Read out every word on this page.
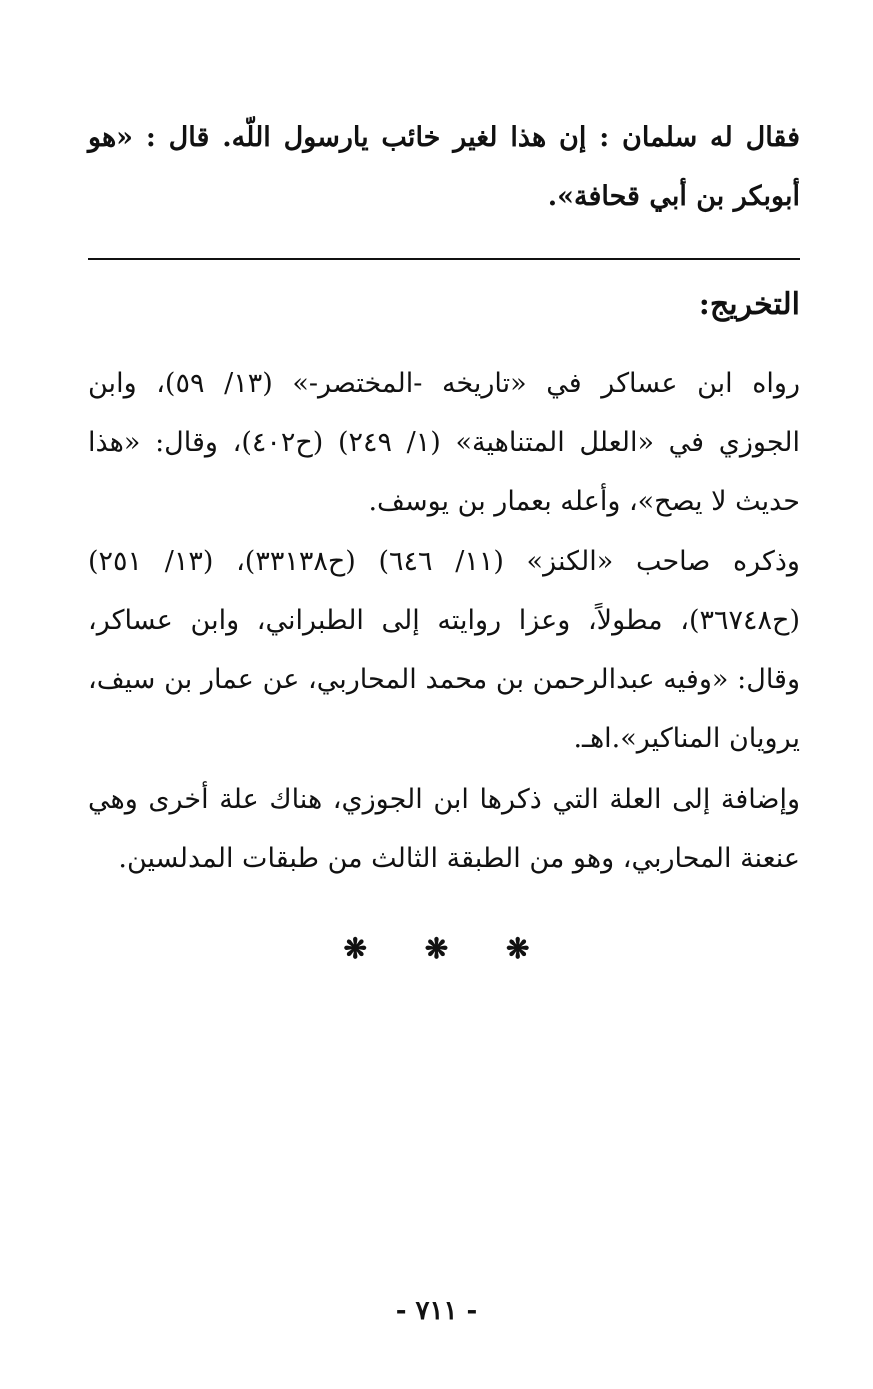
فقال له سلمان : إن هذا لغير خائب يارسول اللّه. قال : «هو أبوبكر بن أبي قحافة».

التخريج:

رواه ابن عساكر في «تاريخه -المختصر-» (١٣/ ٥٩)، وابن الجوزي في «العلل المتناهية» (١/ ٢٤٩) (ح٤٠٢)، وقال: «هذا حديث لا يصح»، وأعله بعمار بن يوسف.

وذكره صاحب «الكنز» (١١/ ٦٤٦) (ح٣٣١٣٨)، (١٣/ ٢٥١) (ح٣٦٧٤٨)، مطولاً، وعزا روايته إلى الطبراني، وابن عساكر، وقال: «وفيه عبدالرحمن بن محمد المحاربي، عن عمار بن سيف، يرويان المناكير».اهـ.

وإضافة إلى العلة التي ذكرها ابن الجوزي، هناك علة أخرى وهي عنعنة المحاربي، وهو من الطبقة الثالث من طبقات المدلسين.

❋ ❋ ❋
- ٧١١ -
